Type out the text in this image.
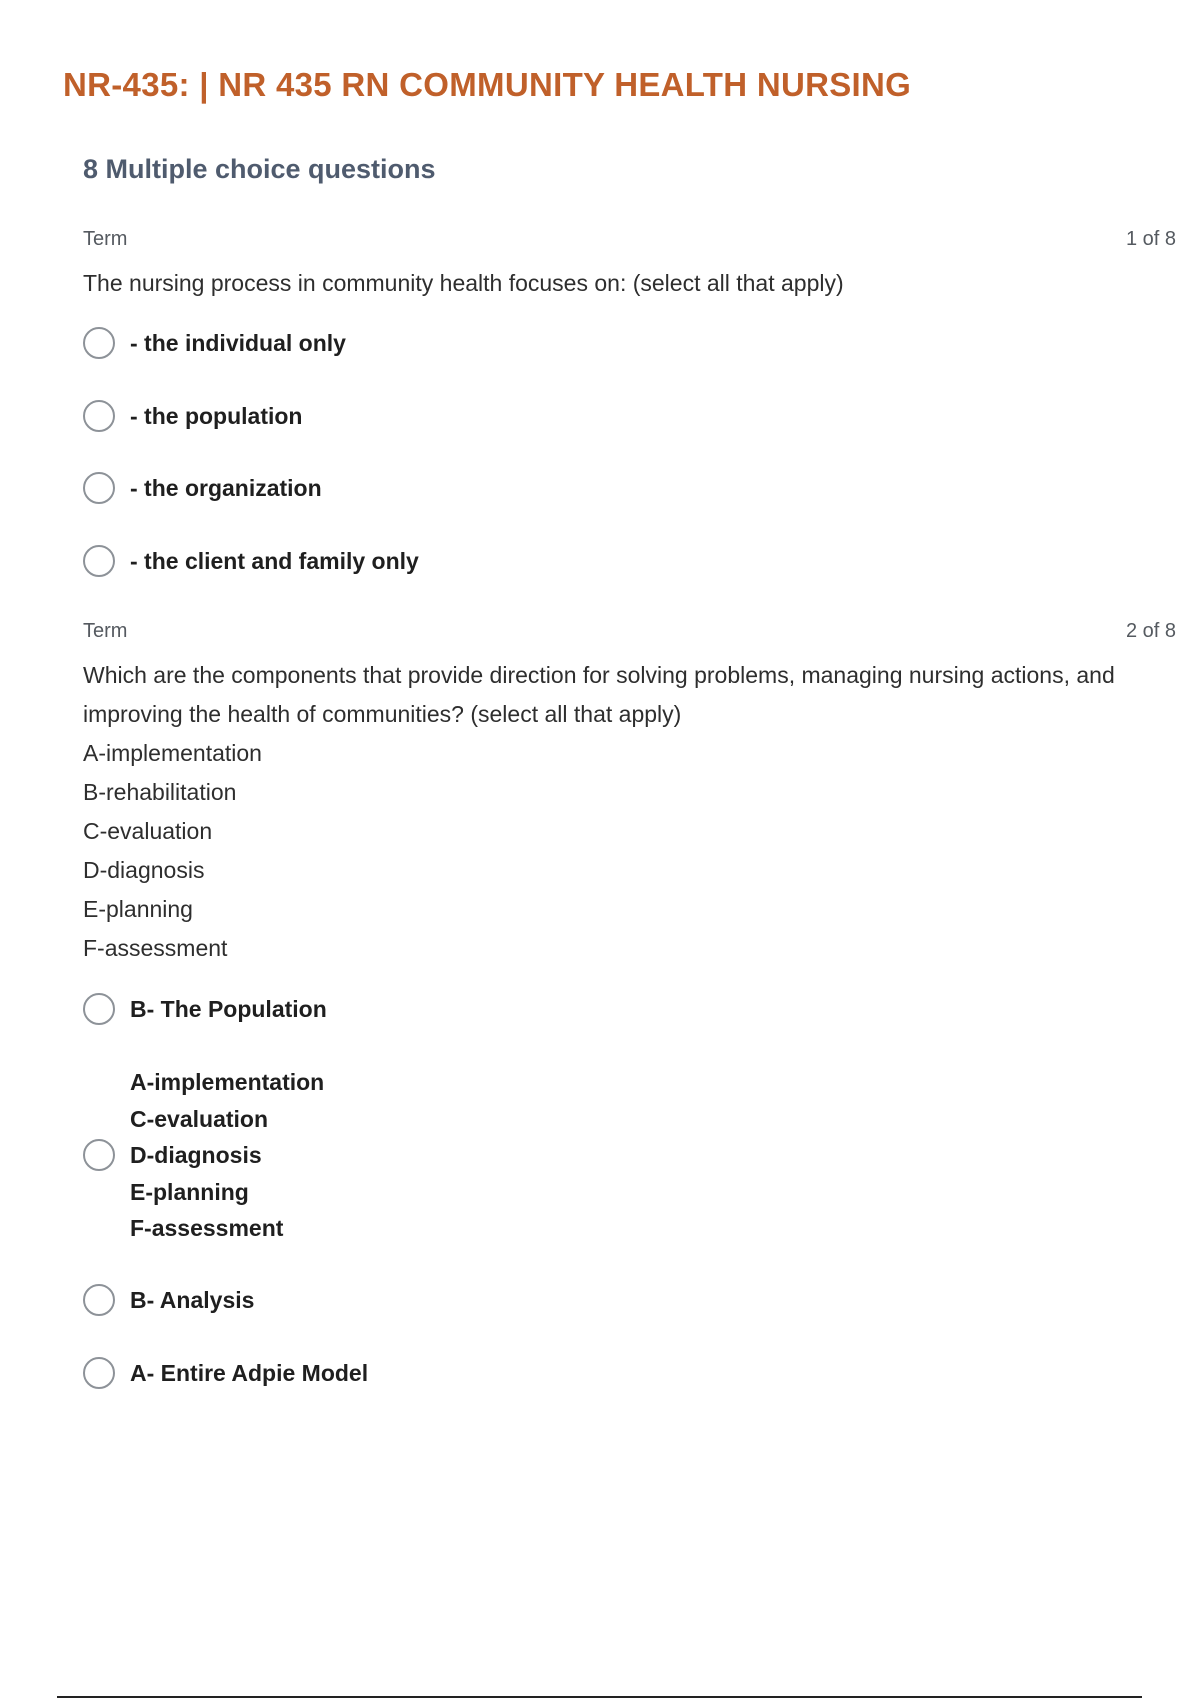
NR-435: | NR 435 RN COMMUNITY HEALTH NURSING
8 Multiple choice questions
Term	1 of 8
The nursing process in community health focuses on: (select all that apply)
- the individual only
- the population
- the organization
- the client and family only
Term	2 of 8
Which are the components that provide direction for solving problems, managing nursing actions, and improving the health of communities? (select all that apply)
A-implementation
B-rehabilitation
C-evaluation
D-diagnosis
E-planning
F-assessment
B- The Population
A-implementation
C-evaluation
D-diagnosis
E-planning
F-assessment
B- Analysis
A- Entire Adpie Model
